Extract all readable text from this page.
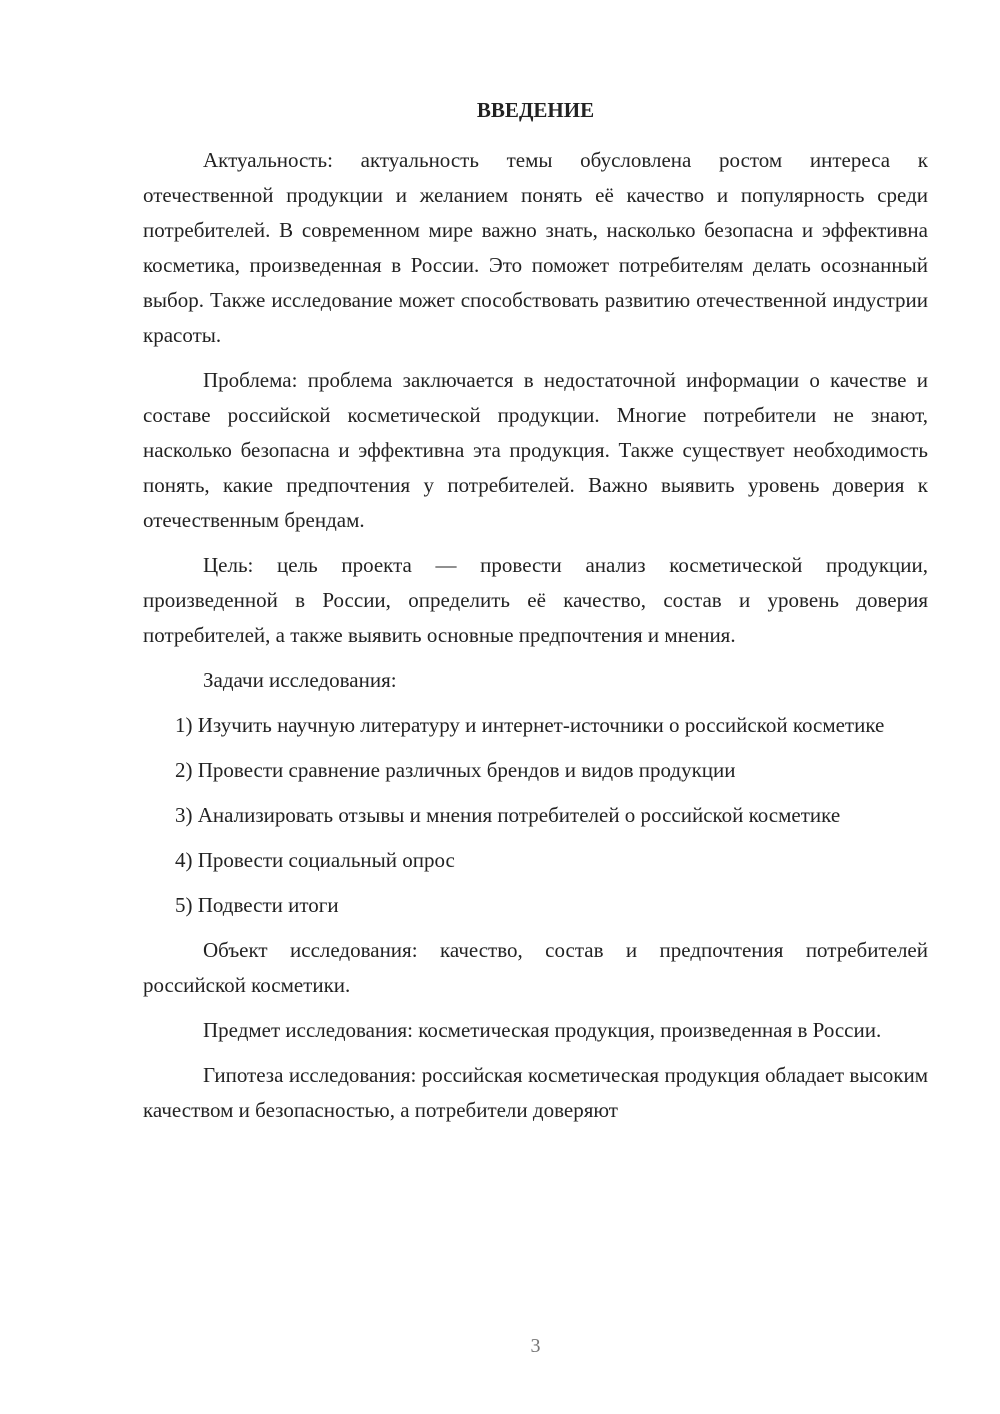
ВВЕДЕНИЕ

Актуальность: актуальность темы обусловлена ростом интереса к отечественной продукции и желанием понять её качество и популярность среди потребителей. В современном мире важно знать, насколько безопасна и эффективна косметика, произведенная в России. Это поможет потребителям делать осознанный выбор. Также исследование может способствовать развитию отечественной индустрии красоты.

Проблема: проблема заключается в недостаточной информации о качестве и составе российской косметической продукции. Многие потребители не знают, насколько безопасна и эффективна эта продукция. Также существует необходимость понять, какие предпочтения у потребителей. Важно выявить уровень доверия к отечественным брендам.

Цель: цель проекта — провести анализ косметической продукции, произведенной в России, определить её качество, состав и уровень доверия потребителей, а также выявить основные предпочтения и мнения.

Задачи исследования:

1) Изучить научную литературу и интернет-источники о российской косметике

2) Провести сравнение различных брендов и видов продукции

3) Анализировать отзывы и мнения потребителей о российской косметике

4) Провести социальный опрос

5) Подвести итоги

Объект исследования: качество, состав и предпочтения потребителей российской косметики.

Предмет исследования: косметическая продукция, произведенная в России.

Гипотеза исследования: российская косметическая продукция обладает высоким качеством и безопасностью, а потребители доверяют

3
